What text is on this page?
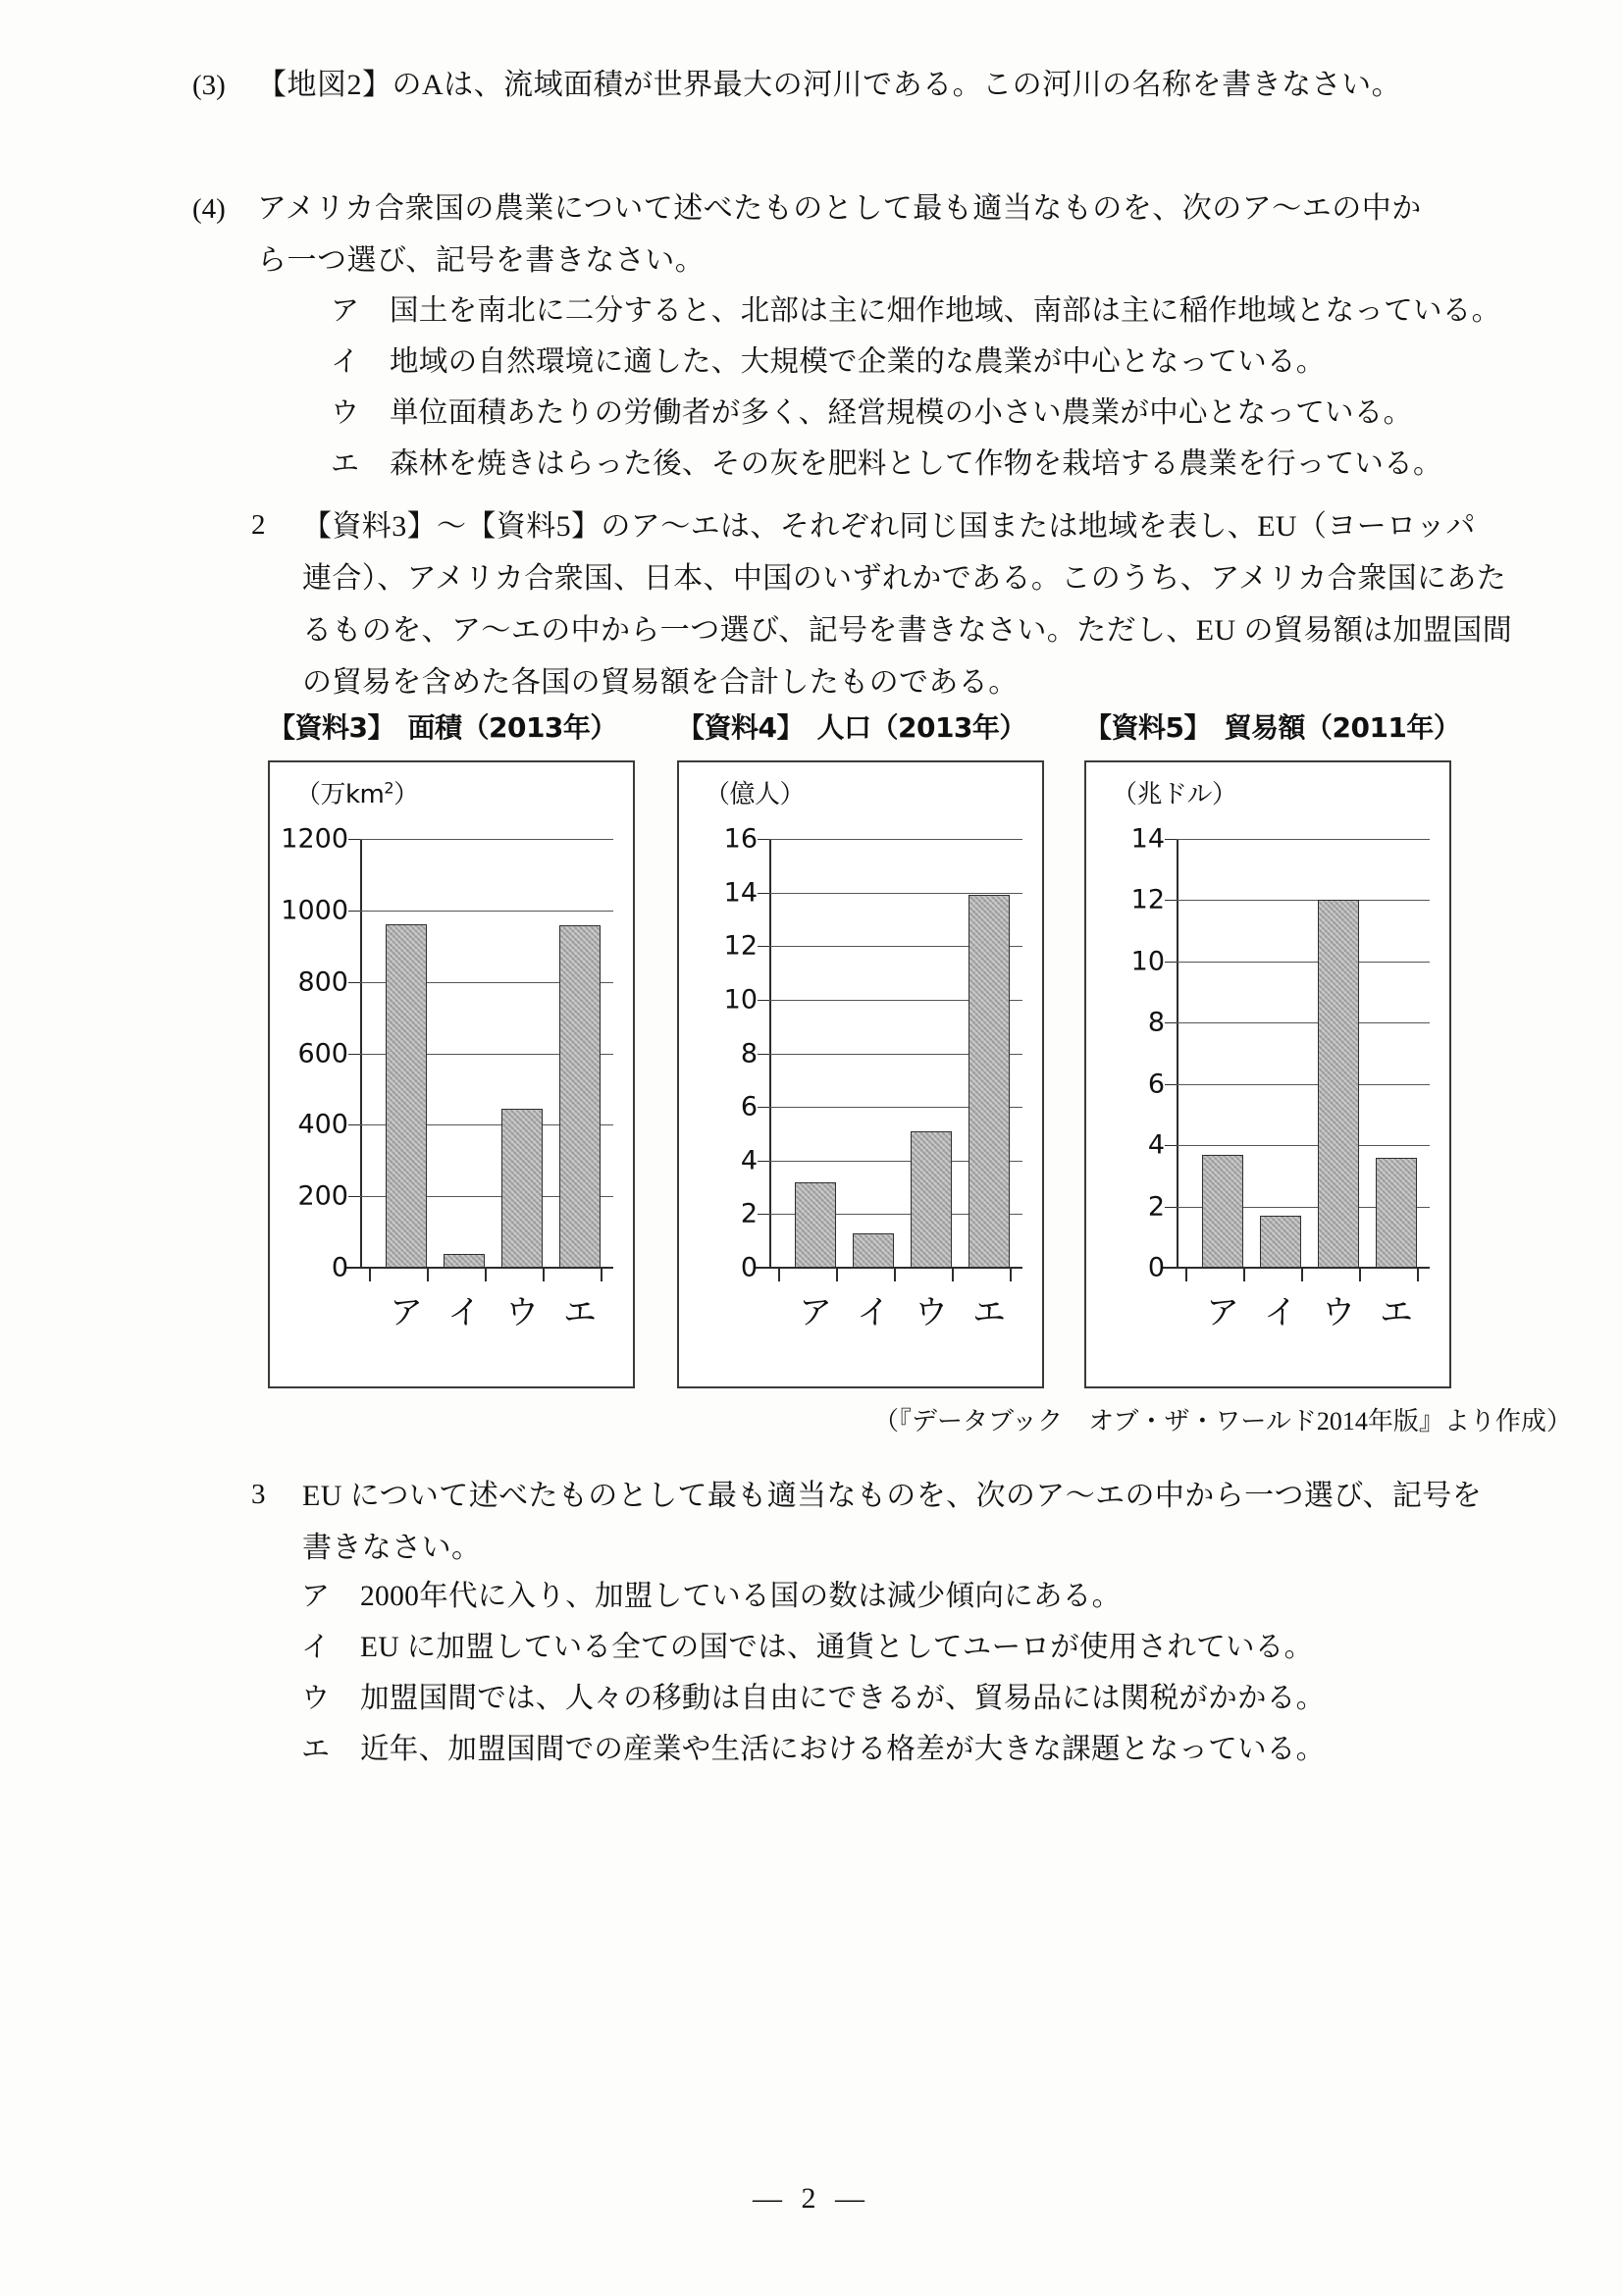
(3) 【地図2】のAは、流域面積が世界最大の河川である。この河川の名称を書きなさい。
(4) アメリカ合衆国の農業について述べたものとして最も適当なものを、次のア〜エの中か
ら一つ選び、記号を書きなさい。
ア 国土を南北に二分すると、北部は主に畑作地域、南部は主に稲作地域となっている。
イ 地域の自然環境に適した、大規模で企業的な農業が中心となっている。
ウ 単位面積あたりの労働者が多く、経営規模の小さい農業が中心となっている。
エ 森林を焼きはらった後、その灰を肥料として作物を栽培する農業を行っている。
2 【資料3】〜【資料5】のア〜エは、それぞれ同じ国または地域を表し、EU（ヨーロッパ
連合）、アメリカ合衆国、日本、中国のいずれかである。このうち、アメリカ合衆国にあた
るものを、ア〜エの中から一つ選び、記号を書きなさい。ただし、EU の貿易額は加盟国間
の貿易を含めた各国の貿易額を合計したものである。
【資料3】　面積（2013年） 【資料4】　人口（2013年） 【資料5】　貿易額（2011年）
（万$km^2$）
1200
1000
800
600
400
200
0
ア イ ウ エ
（億人）
16
14
12
10
8
6
4
2
0
ア イ ウ エ
（兆ドル）
14
12
10
8
6
4
2
0
ア イ ウ エ
（『データブック　オブ・ザ・ワールド2014年版』より作成）
3 EU について述べたものとして最も適当なものを、次のア〜エの中から一つ選び、記号を
書きなさい。
ア 2000年代に入り、加盟している国の数は減少傾向にある。
イ EU に加盟している全ての国では、通貨としてユーロが使用されている。
ウ 加盟国間では、人々の移動は自由にできるが、貿易品には関税がかかる。
エ 近年、加盟国間での産業や生活における格差が大きな課題となっている。
— 2 —
